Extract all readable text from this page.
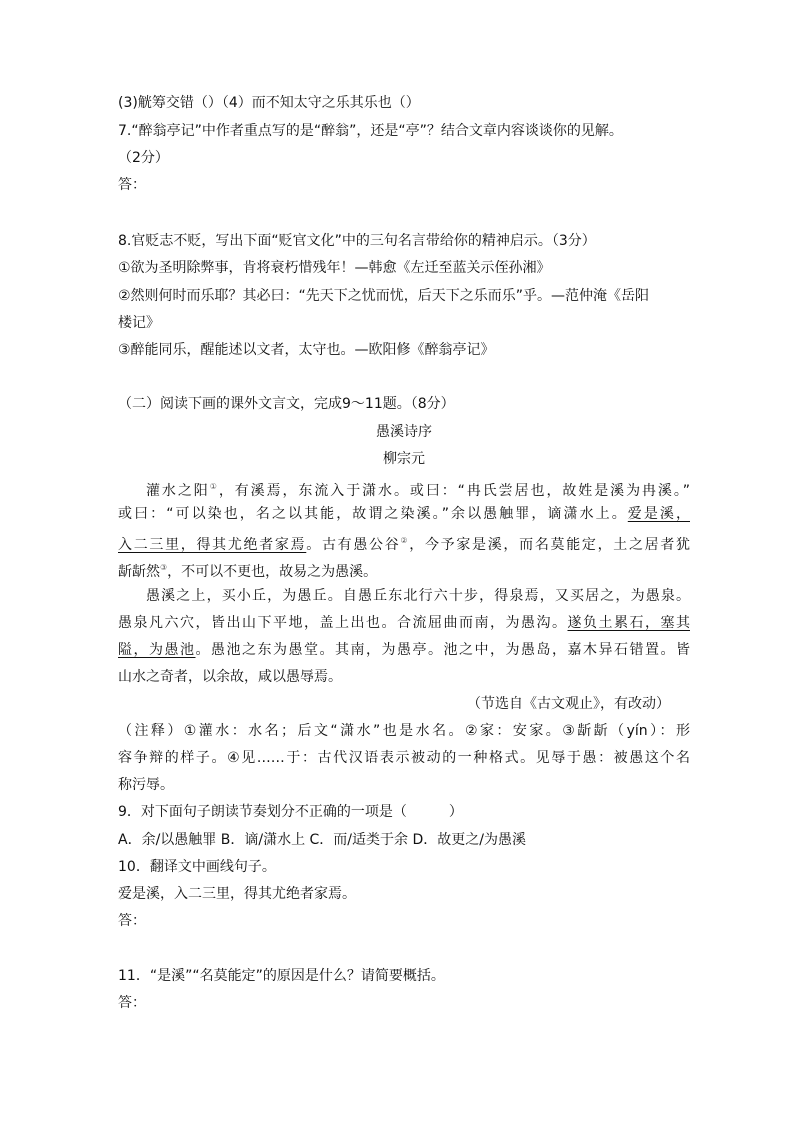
(3)觥筹交错（）（4）而不知太守之乐其乐也（）
7.“醉翁亭记”中作者重点写的是“醉翁”，还是“亭”？结合文章内容谈谈你的见解。
（2分）
答：
8.官贬志不贬，写出下面“贬官文化”中的三句名言带给你的精神启示。（3分）
①欲为圣明除弊事，肯将衰朽惜残年！—韩愈《左迁至蓝关示侄孙湘》
②然则何时而乐耶？其必曰：“先天下之忧而忧，后天下之乐而乐”乎。—范仲淹《岳阳
楼记》
③醉能同乐，醒能述以文者，太守也。—欧阳修《醉翁亭记》
（二）阅读下画的课外文言文，完成9～11题。（8分）
愚溪诗序
柳宗元
灌水之阳①，有溪焉，东流入于潇水。或曰：“冉氏尝居也，故姓是溪为冉溪。”
或曰：“可以染也，名之以其能，故谓之染溪。”余以愚触罪，谪潇水上。爱是溪，
入二三里，得其尤绝者家焉。古有愚公谷②，今予家是溪，而名莫能定，土之居者犹
龂龂然③，不可以不更也，故易之为愚溪。
愚溪之上，买小丘，为愚丘。自愚丘东北行六十步，得泉焉，又买居之，为愚泉。
愚泉凡六穴，皆出山下平地，盖上出也。合流屈曲而南，为愚沟。遂负土累石，塞其
隘，为愚池。愚池之东为愚堂。其南，为愚亭。池之中，为愚岛，嘉木异石错置。皆
山水之奇者，以余故，咸以愚辱焉。
（节选自《古文观止》，有改动）
（注释）①灌水：水名；后文“潇水”也是水名。②家：安家。③龂龂（yín）：形
容争辩的样子。④见……于：古代汉语表示被动的一种格式。见辱于愚：被愚这个名
称污辱。
9．对下面句子朗读节奏划分不正确的一项是（　　　）
A．余/以愚触罪 B．谪/潇水上 C．而/适类于余 D．故更之/为愚溪
10．翻译文中画线句子。
爱是溪，入二三里，得其尤绝者家焉。
答：
11．“是溪”“名莫能定”的原因是什么？请简要概括。
答：
